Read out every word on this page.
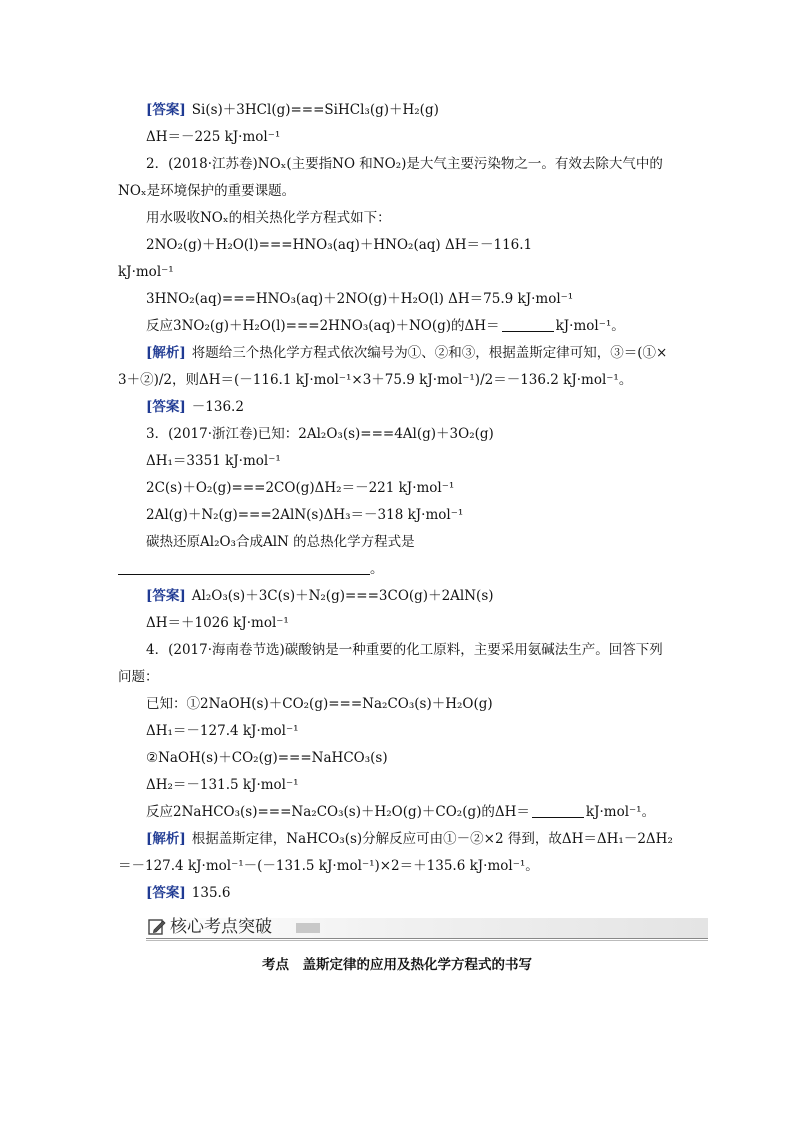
[答案] Si(s)＋3HCl(g)===SiHCl₃(g)＋H₂(g)
ΔH＝－225 kJ·mol⁻¹
2．(2018·江苏卷)NOₓ(主要指NO 和NO₂)是大气主要污染物之一。有效去除大气中的
NOₓ是环境保护的重要课题。
用水吸收NOₓ的相关热化学方程式如下：
2NO₂(g)＋H₂O(l)===HNO₃(aq)＋HNO₂(aq) ΔH＝－116.1
kJ·mol⁻¹
3HNO₂(aq)===HNO₃(aq)＋2NO(g)＋H₂O(l) ΔH＝75.9 kJ·mol⁻¹
反应3NO₂(g)＋H₂O(l)===2HNO₃(aq)＋NO(g)的ΔH＝	kJ·mol⁻¹。
[解析] 将题给三个热化学方程式依次编号为①、②和③，根据盖斯定律可知，③＝(①×
3＋②)/2，则ΔH＝(－116.1 kJ·mol⁻¹×3＋75.9 kJ·mol⁻¹)/2＝－136.2 kJ·mol⁻¹。
[答案] －136.2
3．(2017·浙江卷)已知：2Al₂O₃(s)===4Al(g)＋3O₂(g)
ΔH₁＝3351 kJ·mol⁻¹
2C(s)＋O₂(g)===2CO(g)ΔH₂＝－221 kJ·mol⁻¹
2Al(g)＋N₂(g)===2AlN(s)ΔH₃＝－318 kJ·mol⁻¹
碳热还原Al₂O₃合成AlN 的总热化学方程式是
。
[答案] Al₂O₃(s)＋3C(s)＋N₂(g)===3CO(g)＋2AlN(s)
ΔH＝＋1026 kJ·mol⁻¹
4．(2017·海南卷节选)碳酸钠是一种重要的化工原料，主要采用氨碱法生产。回答下列
问题：
已知：①2NaOH(s)＋CO₂(g)===Na₂CO₃(s)＋H₂O(g)
ΔH₁＝－127.4 kJ·mol⁻¹
②NaOH(s)＋CO₂(g)===NaHCO₃(s)
ΔH₂＝－131.5 kJ·mol⁻¹
反应2NaHCO₃(s)===Na₂CO₃(s)＋H₂O(g)＋CO₂(g)的ΔH＝	kJ·mol⁻¹。
[解析] 根据盖斯定律，NaHCO₃(s)分解反应可由①－②×2 得到，故ΔH＝ΔH₁－2ΔH₂
＝－127.4 kJ·mol⁻¹－(－131.5 kJ·mol⁻¹)×2＝＋135.6 kJ·mol⁻¹。
[答案] 135.6
核心考点突破
考点　盖斯定律的应用及热化学方程式的书写
